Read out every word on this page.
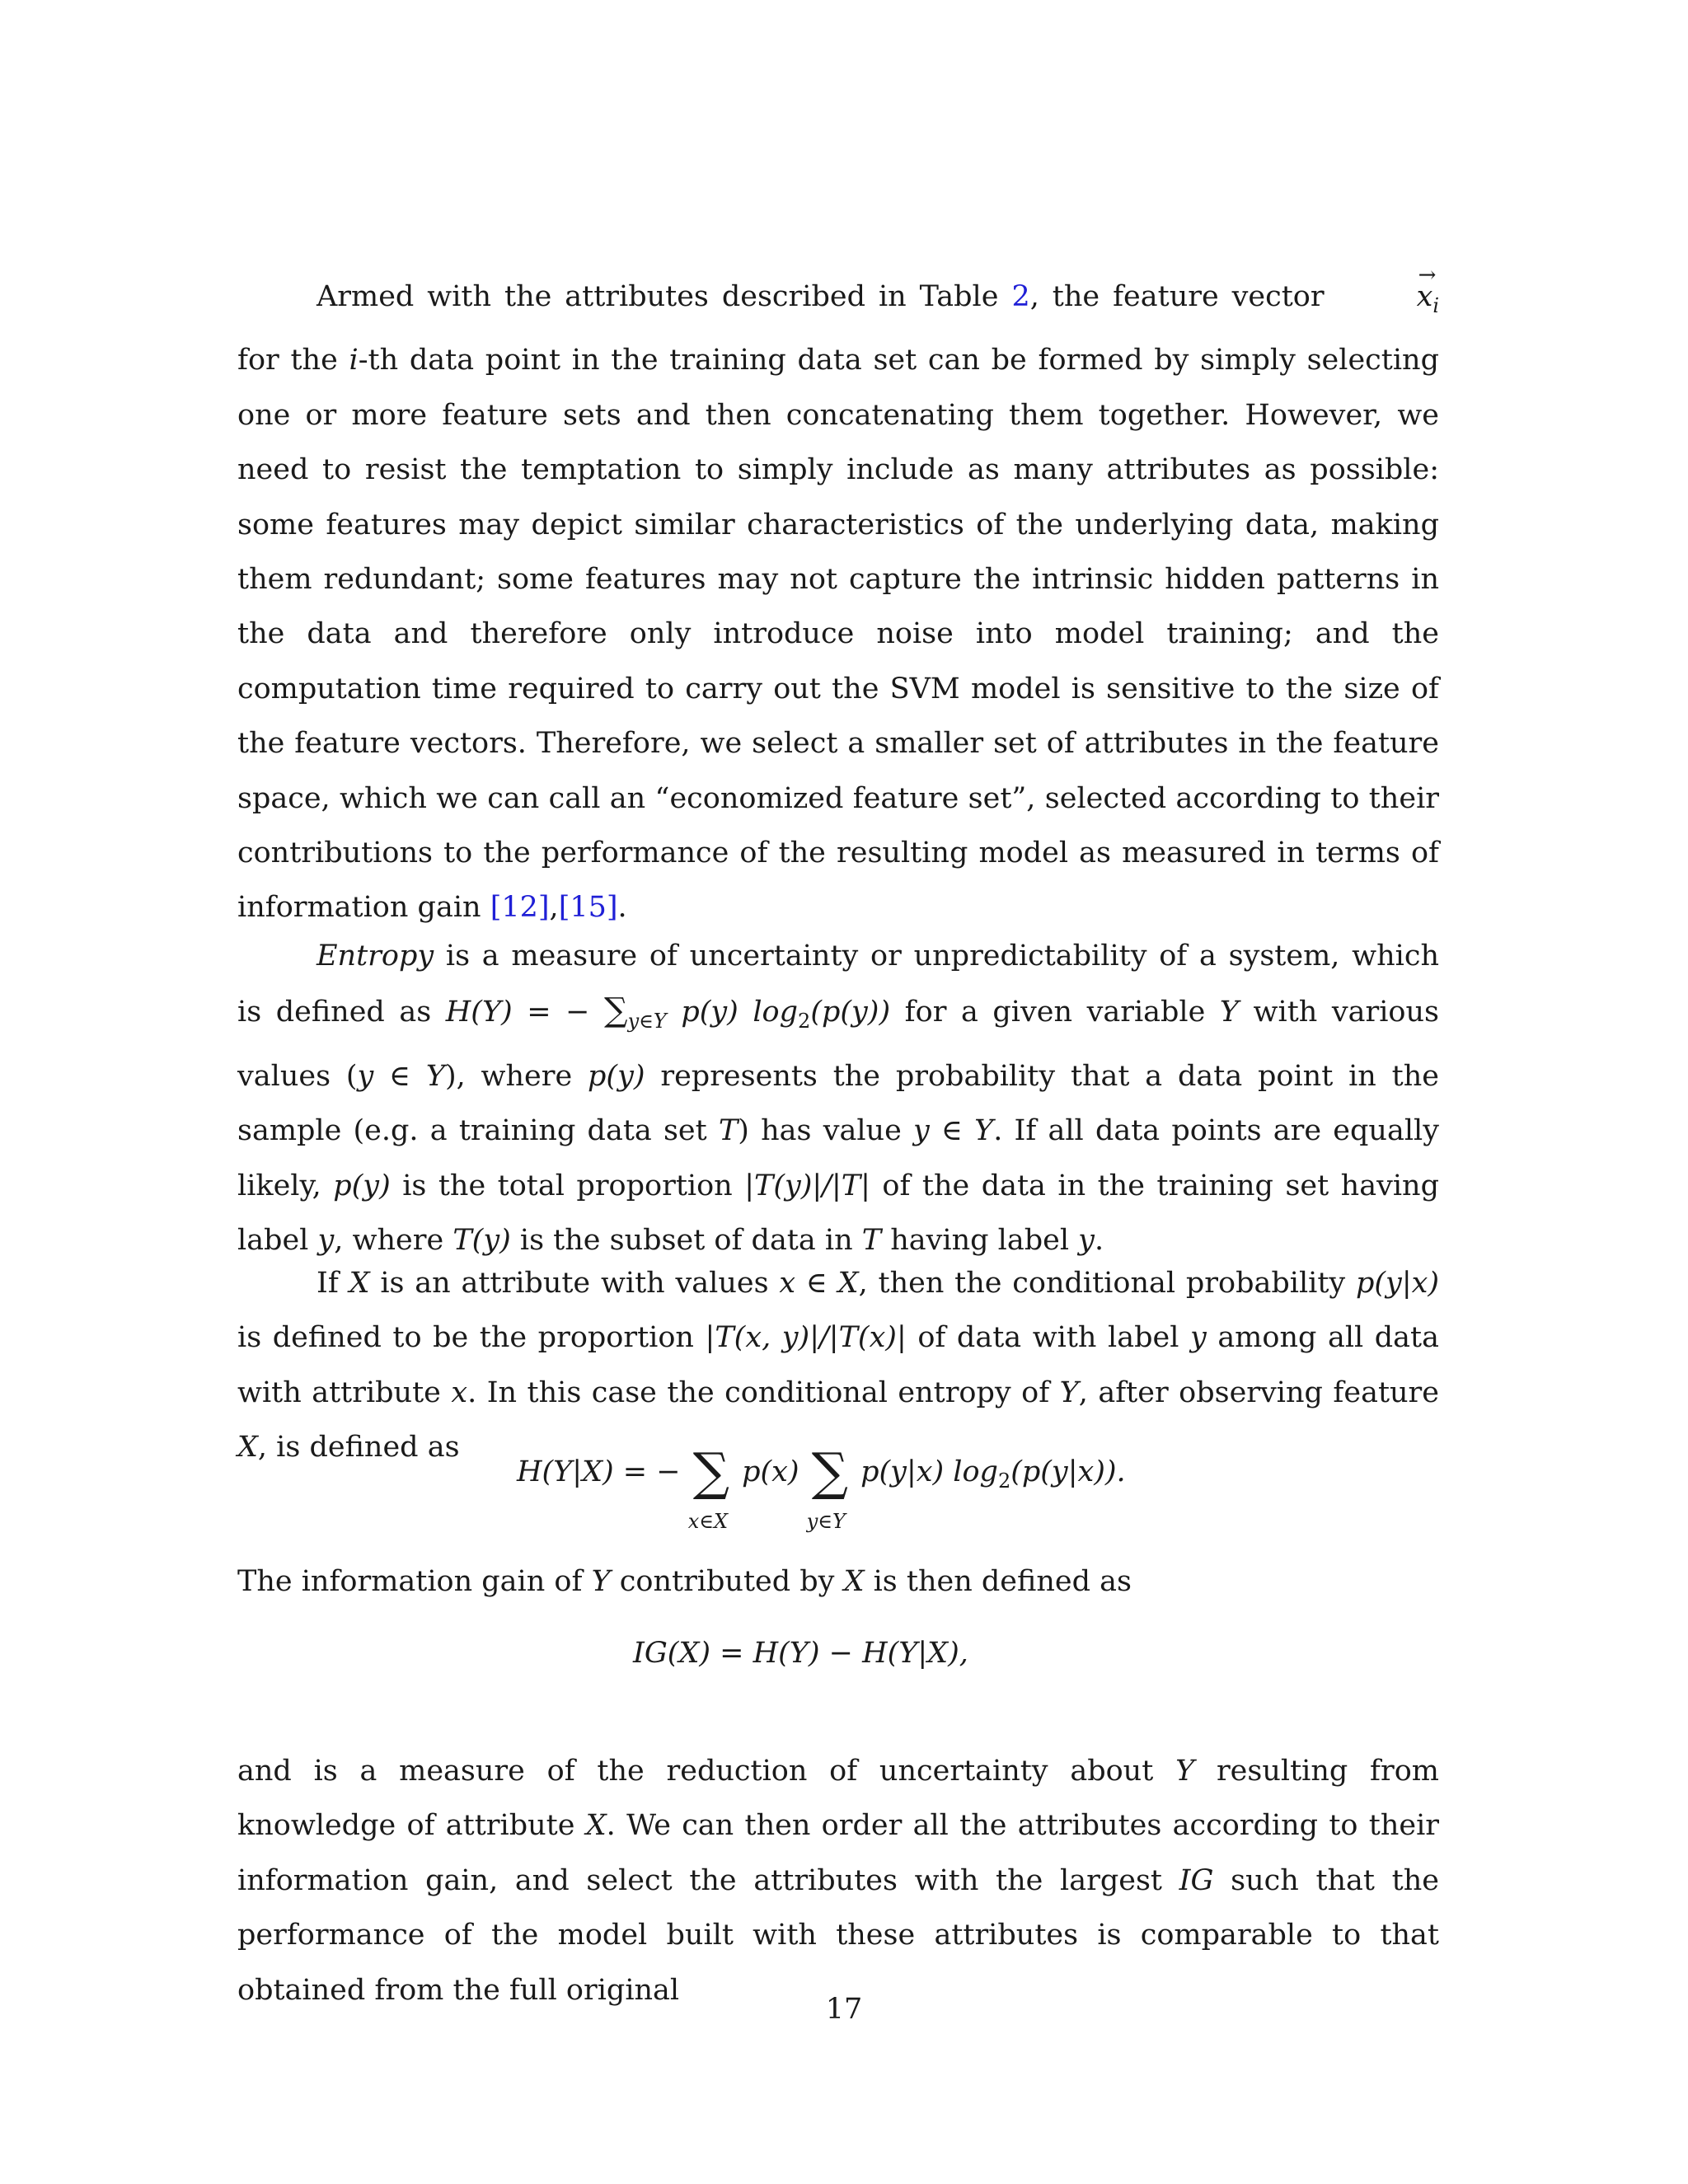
Armed with the attributes described in Table 2, the feature vector →	$x_i$ for the i-th data point in the training data set can be formed by simply selecting one or more feature sets and then concatenating them together. However, we need to resist the temptation to simply include as many attributes as possible: some features may depict similar characteristics of the underlying data, making them redundant; some features may not capture the intrinsic hidden patterns in the data and therefore only introduce noise into model training; and the computation time required to carry out the SVM model is sensitive to the size of the feature vectors. Therefore, we select a smaller set of attributes in the feature space, which we can call an “economized feature set”, selected according to their contributions to the performance of the resulting model as measured in terms of information gain [12],[15].

Entropy is a measure of uncertainty or unpredictability of a system, which is defined as H(Y) = − $\sum_{y\in Y}$ p(y) $\log_2(p(y))$ for a given variable Y with various values (y ∈ Y), where p(y) represents the probability that a data point in the sample (e.g. a training data set T) has value y ∈ Y. If all data points are equally likely, p(y) is the total proportion |T(y)|/|T| of the data in the training set having label y, where T(y) is the subset of data in T having label y.

If X is an attribute with values x ∈ X, then the conditional probability p(y|x) is defined to be the proportion |T(x, y)|/|T(x)| of data with label y among all data with attribute x. In this case the conditional entropy of Y, after observing feature X, is defined as

H(Y|X) = − ∑
x∈X
p(x) ∑
y∈Y
p(y|x) $\log_2(p(y|x))$.

The information gain of Y contributed by X is then defined as

IG(X) = H(Y) − H(Y|X),

and is a measure of the reduction of uncertainty about Y resulting from knowledge of attribute X. We can then order all the attributes according to their information gain, and select the attributes with the largest IG such that the performance of the model built with these attributes is comparable to that obtained from the full original

17
